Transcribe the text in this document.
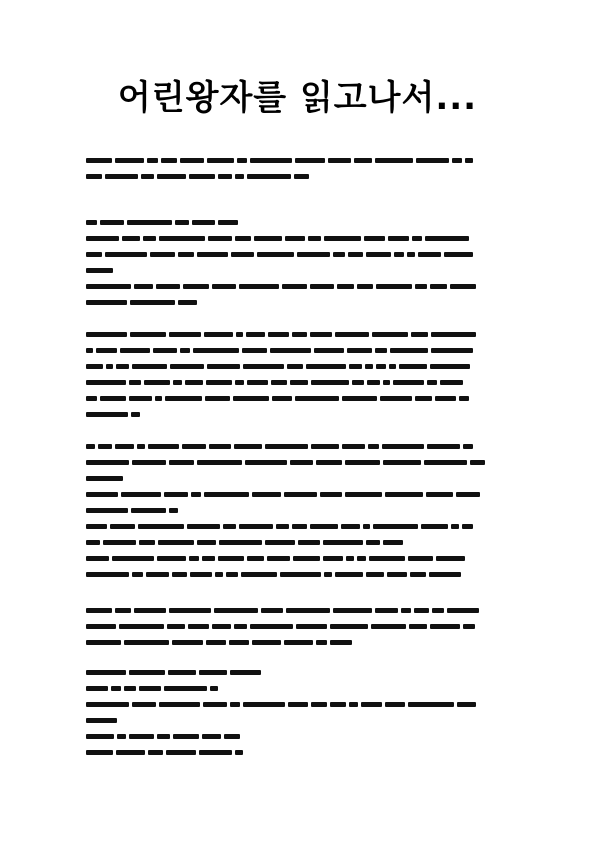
어린왕자를 읽고나서...
